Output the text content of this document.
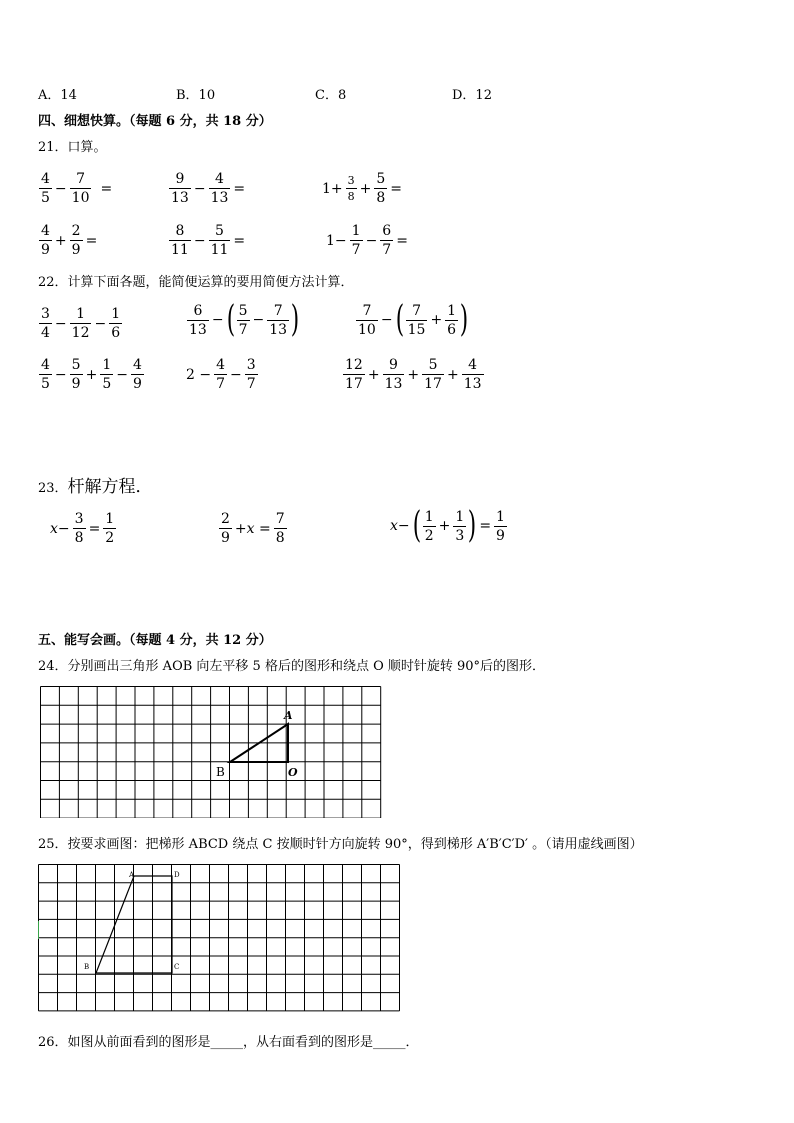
A．14	B．10	C．8	D．12
四、细想快算。（每题 6 分，共 18 分）
21．口算。
$\frac{4}{5} - \frac{7}{10}$ =	$\frac{9}{13} - \frac{4}{13}$ =	$1+ \frac{3}{8} + \frac{5}{8}$ =
$\frac{4}{9} + \frac{2}{9}$ =	$\frac{8}{11} - \frac{5}{11}$ =	$1- \frac{1}{7} - \frac{6}{7}$ =
22．计算下面各题，能简便运算的要用简便方法计算．
$\frac{3}{4} - \frac{1}{12} - \frac{1}{6}$	$\frac{6}{13}$ − ( $\frac{5}{7} - \frac{7}{13}$ )	$\frac{7}{10}$ − ( $\frac{7}{15} + \frac{1}{6}$ )
$\frac{4}{5} - \frac{5}{9} + \frac{1}{5} - \frac{4}{9}$	$2 - \frac{4}{7} - \frac{3}{7}$	$\frac{12}{17} + \frac{9}{13} + \frac{5}{17} + \frac{4}{13}$
23．杆解方程．
$x- \frac{3}{8} = \frac{1}{2}$	$\frac{2}{9} +x = \frac{7}{8}$	x− ( $\frac{1}{2} + \frac{1}{3}$ ) = $\frac{1}{9}$
五、能写会画。（每题 4 分，共 12 分）
24．分别画出三角形 AOB 向左平移 5 格后的图形和绕点 O 顺时针旋转 90°后的图形．
A
B	O
25．按要求画图：把梯形 ABCD 绕点 C 按顺时针方向旋转 90°，得到梯形 A′B′C′D′ 。（请用虚线画图）
A	D
B	C
26．如图从前面看到的图形是_____，从右面看到的图形是_____．
